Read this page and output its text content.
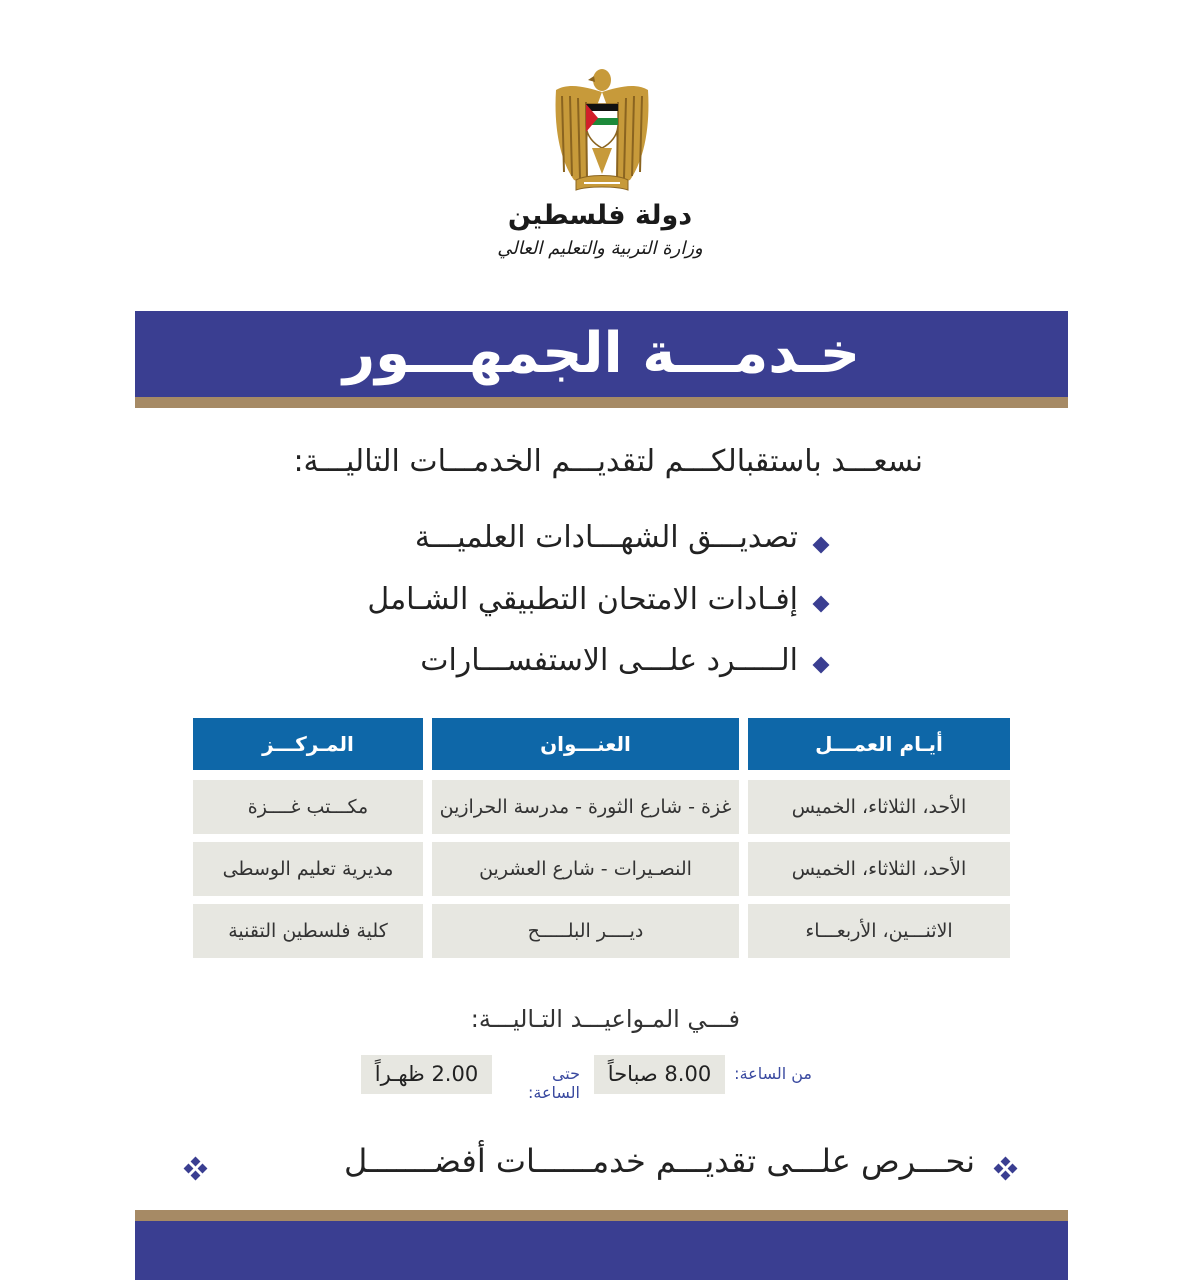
دولة فلسطين
وزارة التربية والتعليم العالي
خـدمـــة الجمهـــور
نسعـــد باستقبالكـــم لتقديـــم الخدمـــات التاليـــة:
تصديـــق الشهـــادات العلميـــة
إفـادات الامتحان التطبيقي الشـامل
الـــــرد علـــى الاستفســـارات
أيـام العمـــل
العنـــوان
المـركـــز
الأحد، الثلاثاء، الخميس
غزة - شارع الثورة - مدرسة الحرازين
مكـــتب غــــزة
الأحد، الثلاثاء، الخميس
النصـيرات - شارع العشرين
مديرية تعليم الوسطى
الاثنـــين، الأربعـــاء
ديــــر البلـــــح
كلية فلسطين التقنية
فـــي المـواعيـــد التـاليـــة:
من الساعة:
8.00 صباحاً
حتى الساعة:
2.00 ظهـراً
نحـــرص علـــى تقديـــم خدمــــــات أفضـــــــل
